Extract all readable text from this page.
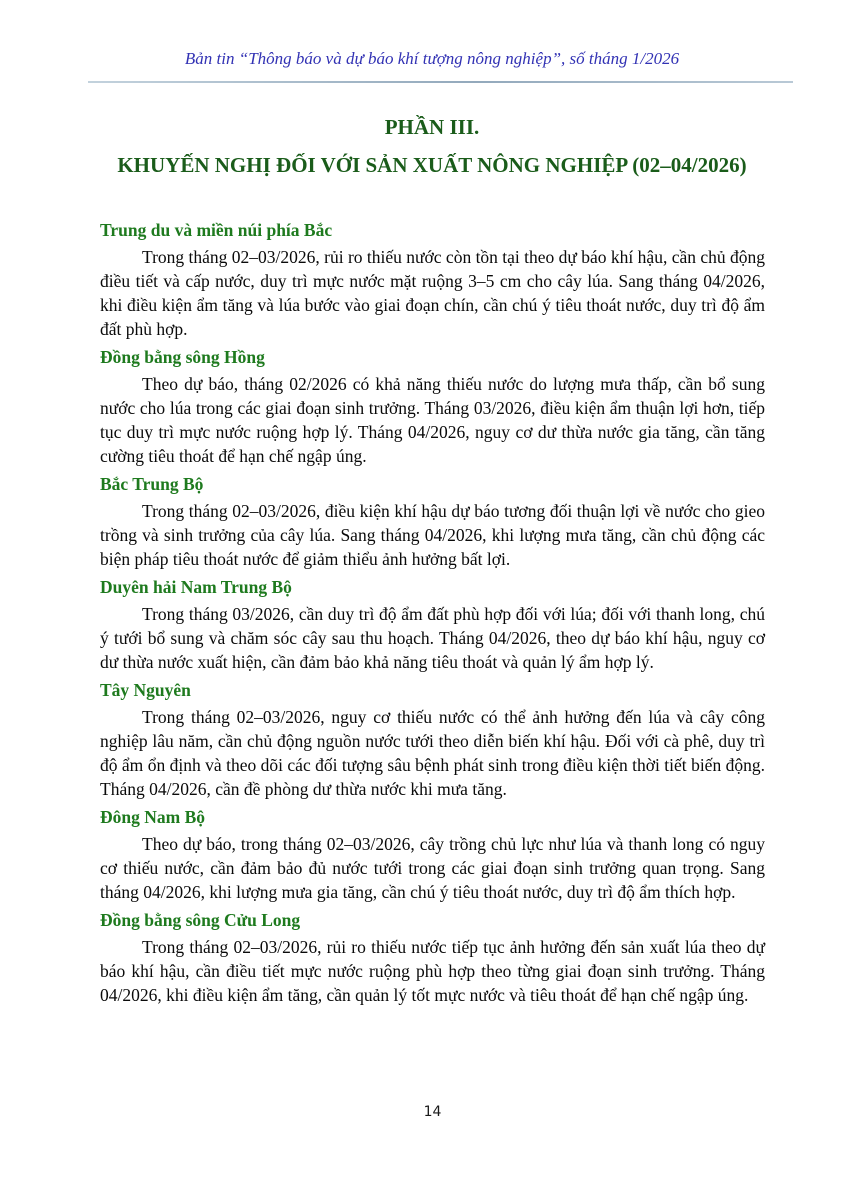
Bản tin “Thông báo và dự báo khí tượng nông nghiệp”, số tháng 1/2026
PHẦN III.
KHUYẾN NGHỊ ĐỐI VỚI SẢN XUẤT NÔNG NGHIỆP (02–04/2026)
Trung du và miền núi phía Bắc

Trong tháng 02–03/2026, rủi ro thiếu nước còn tồn tại theo dự báo khí hậu, cần chủ động điều tiết và cấp nước, duy trì mực nước mặt ruộng 3–5 cm cho cây lúa. Sang tháng 04/2026, khi điều kiện ẩm tăng và lúa bước vào giai đoạn chín, cần chú ý tiêu thoát nước, duy trì độ ẩm đất phù hợp.

Đồng bằng sông Hồng

Theo dự báo, tháng 02/2026 có khả năng thiếu nước do lượng mưa thấp, cần bổ sung nước cho lúa trong các giai đoạn sinh trưởng. Tháng 03/2026, điều kiện ẩm thuận lợi hơn, tiếp tục duy trì mực nước ruộng hợp lý. Tháng 04/2026, nguy cơ dư thừa nước gia tăng, cần tăng cường tiêu thoát để hạn chế ngập úng.

Bắc Trung Bộ

Trong tháng 02–03/2026, điều kiện khí hậu dự báo tương đối thuận lợi về nước cho gieo trồng và sinh trưởng của cây lúa. Sang tháng 04/2026, khi lượng mưa tăng, cần chủ động các biện pháp tiêu thoát nước để giảm thiểu ảnh hưởng bất lợi.

Duyên hải Nam Trung Bộ

Trong tháng 03/2026, cần duy trì độ ẩm đất phù hợp đối với lúa; đối với thanh long, chú ý tưới bổ sung và chăm sóc cây sau thu hoạch. Tháng 04/2026, theo dự báo khí hậu, nguy cơ dư thừa nước xuất hiện, cần đảm bảo khả năng tiêu thoát và quản lý ẩm hợp lý.

Tây Nguyên

Trong tháng 02–03/2026, nguy cơ thiếu nước có thể ảnh hưởng đến lúa và cây công nghiệp lâu năm, cần chủ động nguồn nước tưới theo diễn biến khí hậu. Đối với cà phê, duy trì độ ẩm ổn định và theo dõi các đối tượng sâu bệnh phát sinh trong điều kiện thời tiết biến động. Tháng 04/2026, cần đề phòng dư thừa nước khi mưa tăng.

Đông Nam Bộ

Theo dự báo, trong tháng 02–03/2026, cây trồng chủ lực như lúa và thanh long có nguy cơ thiếu nước, cần đảm bảo đủ nước tưới trong các giai đoạn sinh trưởng quan trọng. Sang tháng 04/2026, khi lượng mưa gia tăng, cần chú ý tiêu thoát nước, duy trì độ ẩm thích hợp.

Đồng bằng sông Cửu Long

Trong tháng 02–03/2026, rủi ro thiếu nước tiếp tục ảnh hưởng đến sản xuất lúa theo dự báo khí hậu, cần điều tiết mực nước ruộng phù hợp theo từng giai đoạn sinh trưởng. Tháng 04/2026, khi điều kiện ẩm tăng, cần quản lý tốt mực nước và tiêu thoát để hạn chế ngập úng.

14
